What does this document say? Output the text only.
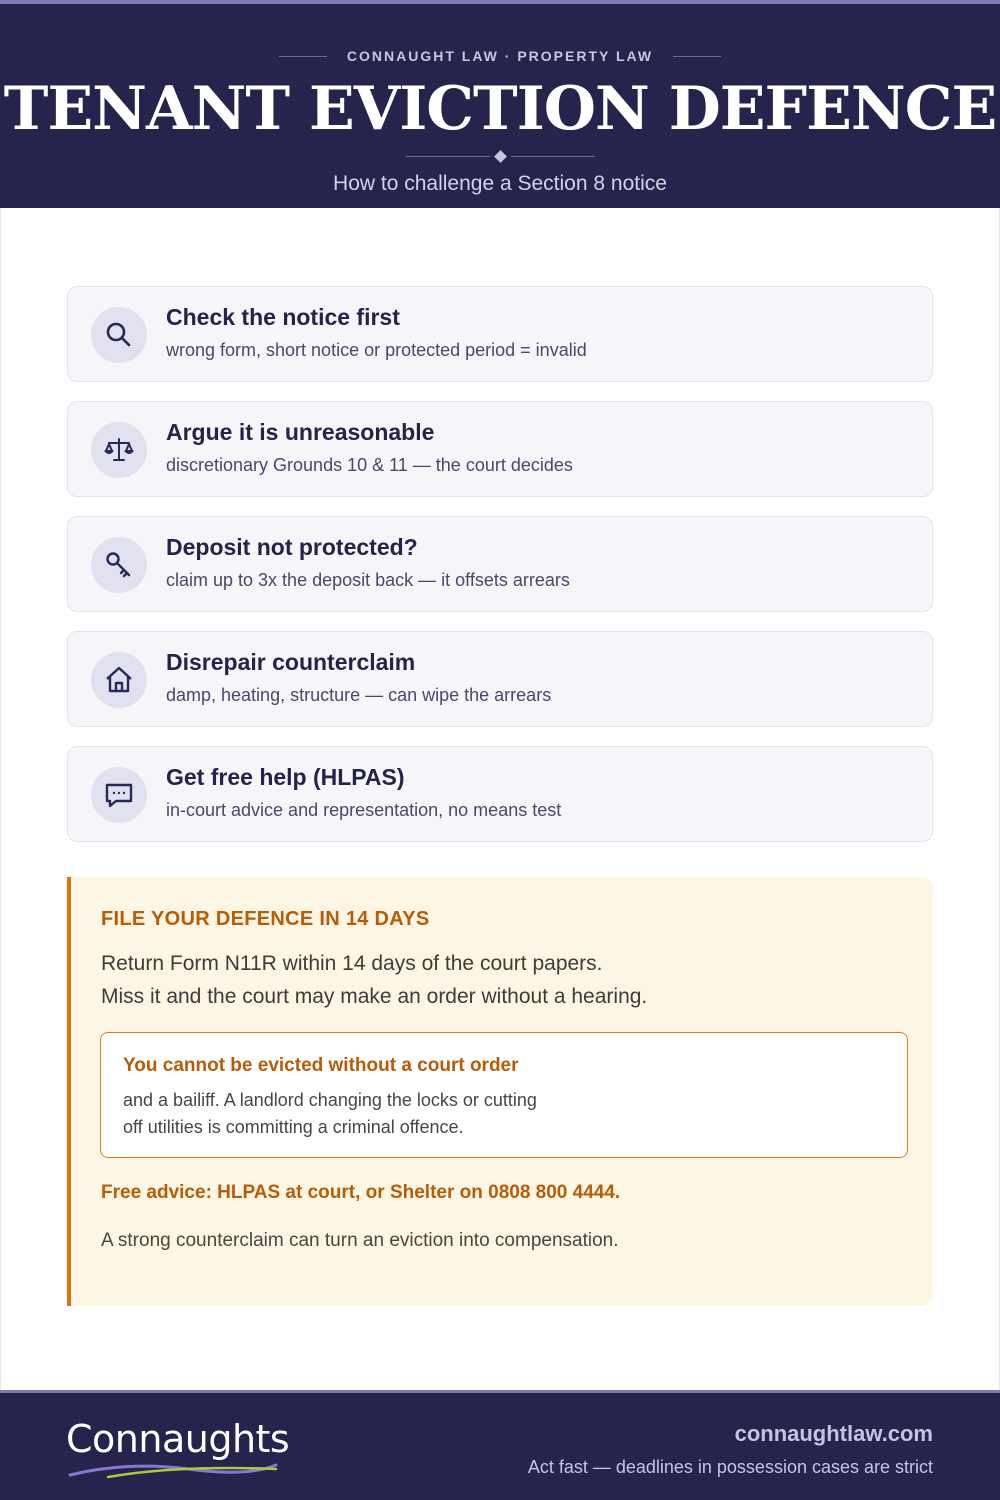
CONNAUGHT LAW · PROPERTY LAW
TENANT EVICTION DEFENCE
How to challenge a Section 8 notice
Check the notice first
wrong form, short notice or protected period = invalid
Argue it is unreasonable
discretionary Grounds 10 & 11 — the court decides
Deposit not protected?
claim up to 3x the deposit back — it offsets arrears
Disrepair counterclaim
damp, heating, structure — can wipe the arrears
Get free help (HLPAS)
in-court advice and representation, no means test
FILE YOUR DEFENCE IN 14 DAYS
Return Form N11R within 14 days of the court papers.
Miss it and the court may make an order without a hearing.
You cannot be evicted without a court order
and a bailiff. A landlord changing the locks or cutting
off utilities is committing a criminal offence.
Free advice: HLPAS at court, or Shelter on 0808 800 4444.
A strong counterclaim can turn an eviction into compensation.
Connaughts	connaughtlaw.com
Act fast — deadlines in possession cases are strict
